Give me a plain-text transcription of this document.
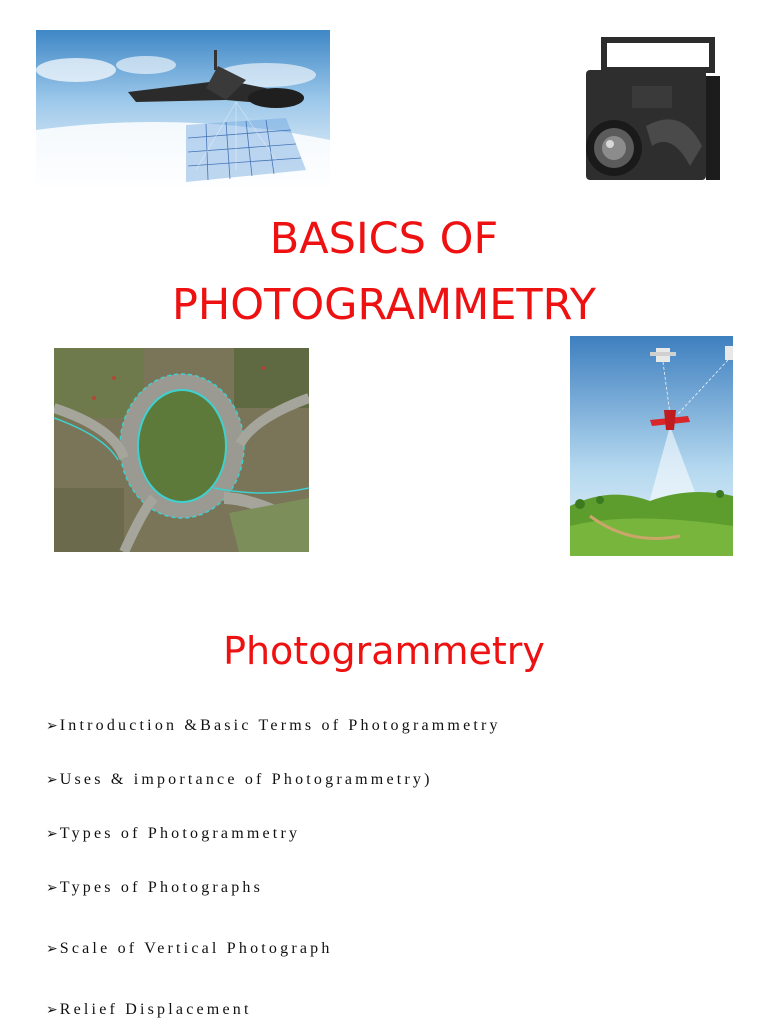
BASICS OF
PHOTOGRAMMETRY
Photogrammetry
➢ Introduction &Basic Terms of Photogrammetry
➢ Uses & importance of Photogrammetry)
➢ Types of Photogrammetry
➢ Types of Photographs
➢ Scale of Vertical Photograph
➢ Relief Displacement
